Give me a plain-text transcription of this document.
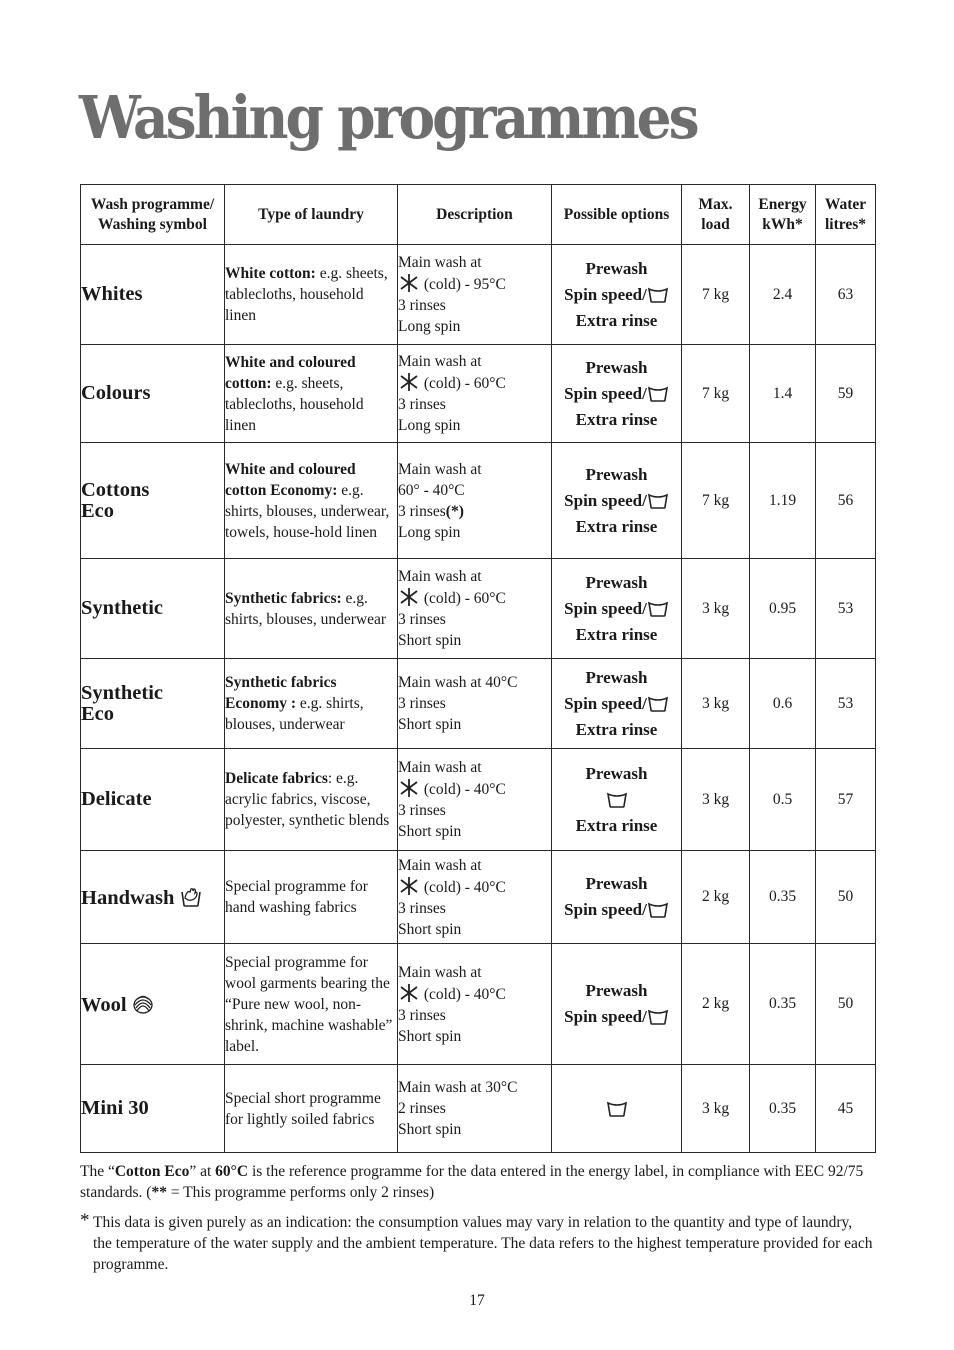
Washing programmes
Wash programme/
Washing symbol	Type of laundry	Description	Possible options	Max.
load	Energy
kWh*	Water
litres*
Whites	White cotton: e.g. sheets, tablecloths, household linen	Main wash at
(cold) - 95°C
3 rinses
Long spin	Prewash
Spin speed/
Extra rinse	7 kg	2.4	63
Colours	White and coloured cotton: e.g. sheets, tablecloths, household linen	Main wash at
(cold) - 60°C
3 rinses
Long spin	Prewash
Spin speed/
Extra rinse	7 kg	1.4	59
Cottons
Eco	White and coloured cotton Economy: e.g. shirts, blouses, underwear, towels, house-hold linen	Main wash at
60° - 40°C
3 rinses(*)
Long spin	Prewash
Spin speed/
Extra rinse	7 kg	1.19	56
Synthetic	Synthetic fabrics: e.g. shirts, blouses, underwear	Main wash at
(cold) - 60°C
3 rinses
Short spin	Prewash
Spin speed/
Extra rinse	3 kg	0.95	53
Synthetic
Eco	Synthetic fabrics Economy : e.g. shirts, blouses, underwear	Main wash at 40°C
3 rinses
Short spin	Prewash
Spin speed/
Extra rinse	3 kg	0.6	53
Delicate	Delicate fabrics: e.g. acrylic fabrics, viscose, polyester, synthetic blends	Main wash at
(cold) - 40°C
3 rinses
Short spin	Prewash

Extra rinse	3 kg	0.5	57
Handwash	Special programme for hand washing fabrics	Main wash at
(cold) - 40°C
3 rinses
Short spin	Prewash
Spin speed/	2 kg	0.35	50
Wool	Special programme for wool garments bearing the “Pure new wool, non-shrink, machine washable” label.	Main wash at
(cold) - 40°C
3 rinses
Short spin	Prewash
Spin speed/	2 kg	0.35	50
Mini 30	Special short programme for lightly soiled fabrics	Main wash at 30°C
2 rinses
Short spin		3 kg	0.35	45

The “Cotton Eco” at 60°C is the reference programme for the data entered in the energy label, in compliance with EEC 92/75 standards. (** = This programme performs only 2 rinses)

* This data is given purely as an indication: the consumption values may vary in relation to the quantity and type of laundry, the temperature of the water supply and the ambient temperature. The data refers to the highest temperature provided for each programme.

17
